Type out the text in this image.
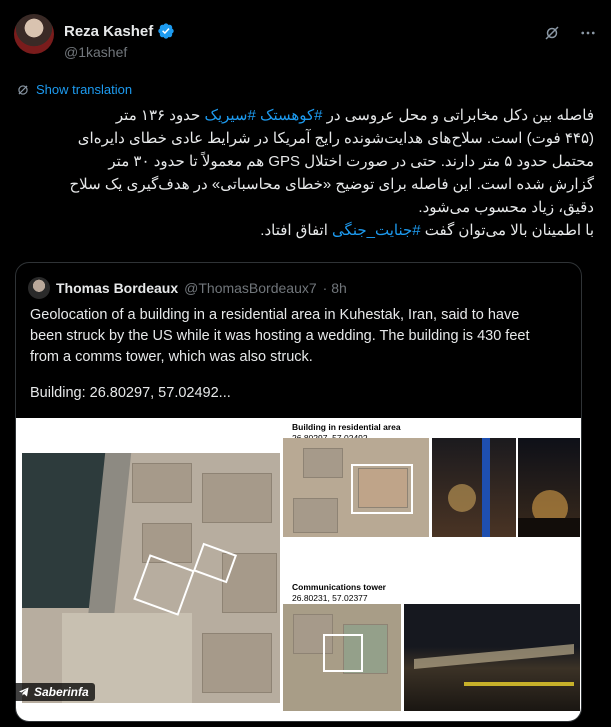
Reza Kashef
@1kashef
Show translation
فاصله بین دکل مخابراتی و محل عروسی در #کوهستک #سیریک حدود ۱۳۶ متر
(۴۴۵ فوت) است. سلاح‌های هدایت‌شونده رایج آمریکا در شرایط عادی خطای دایره‌ای
محتمل حدود ۵ متر دارند. حتی در صورت اختلال GPS هم معمولاً تا حدود ۳۰ متر
گزارش شده است. این فاصله برای توضیح «خطای محاسباتی» در هدف‌گیری یک سلاح
دقیق، زیاد محسوب می‌شود.
با اطمینان بالا می‌توان گفت #جنایت_جنگی اتفاق افتاد.
Thomas Bordeaux @ThomasBordeaux7 · 8h

Geolocation of a building in a residential area in Kuhestak, Iran, said to have

been struck by the US while it was hosting a wedding. The building is 430 feet

from a comms tower, which was also struck.

Building: 26.80297, 57.02492...
Building in residential area

Communications tower
26.80231, 57.02377
Saberinfa
